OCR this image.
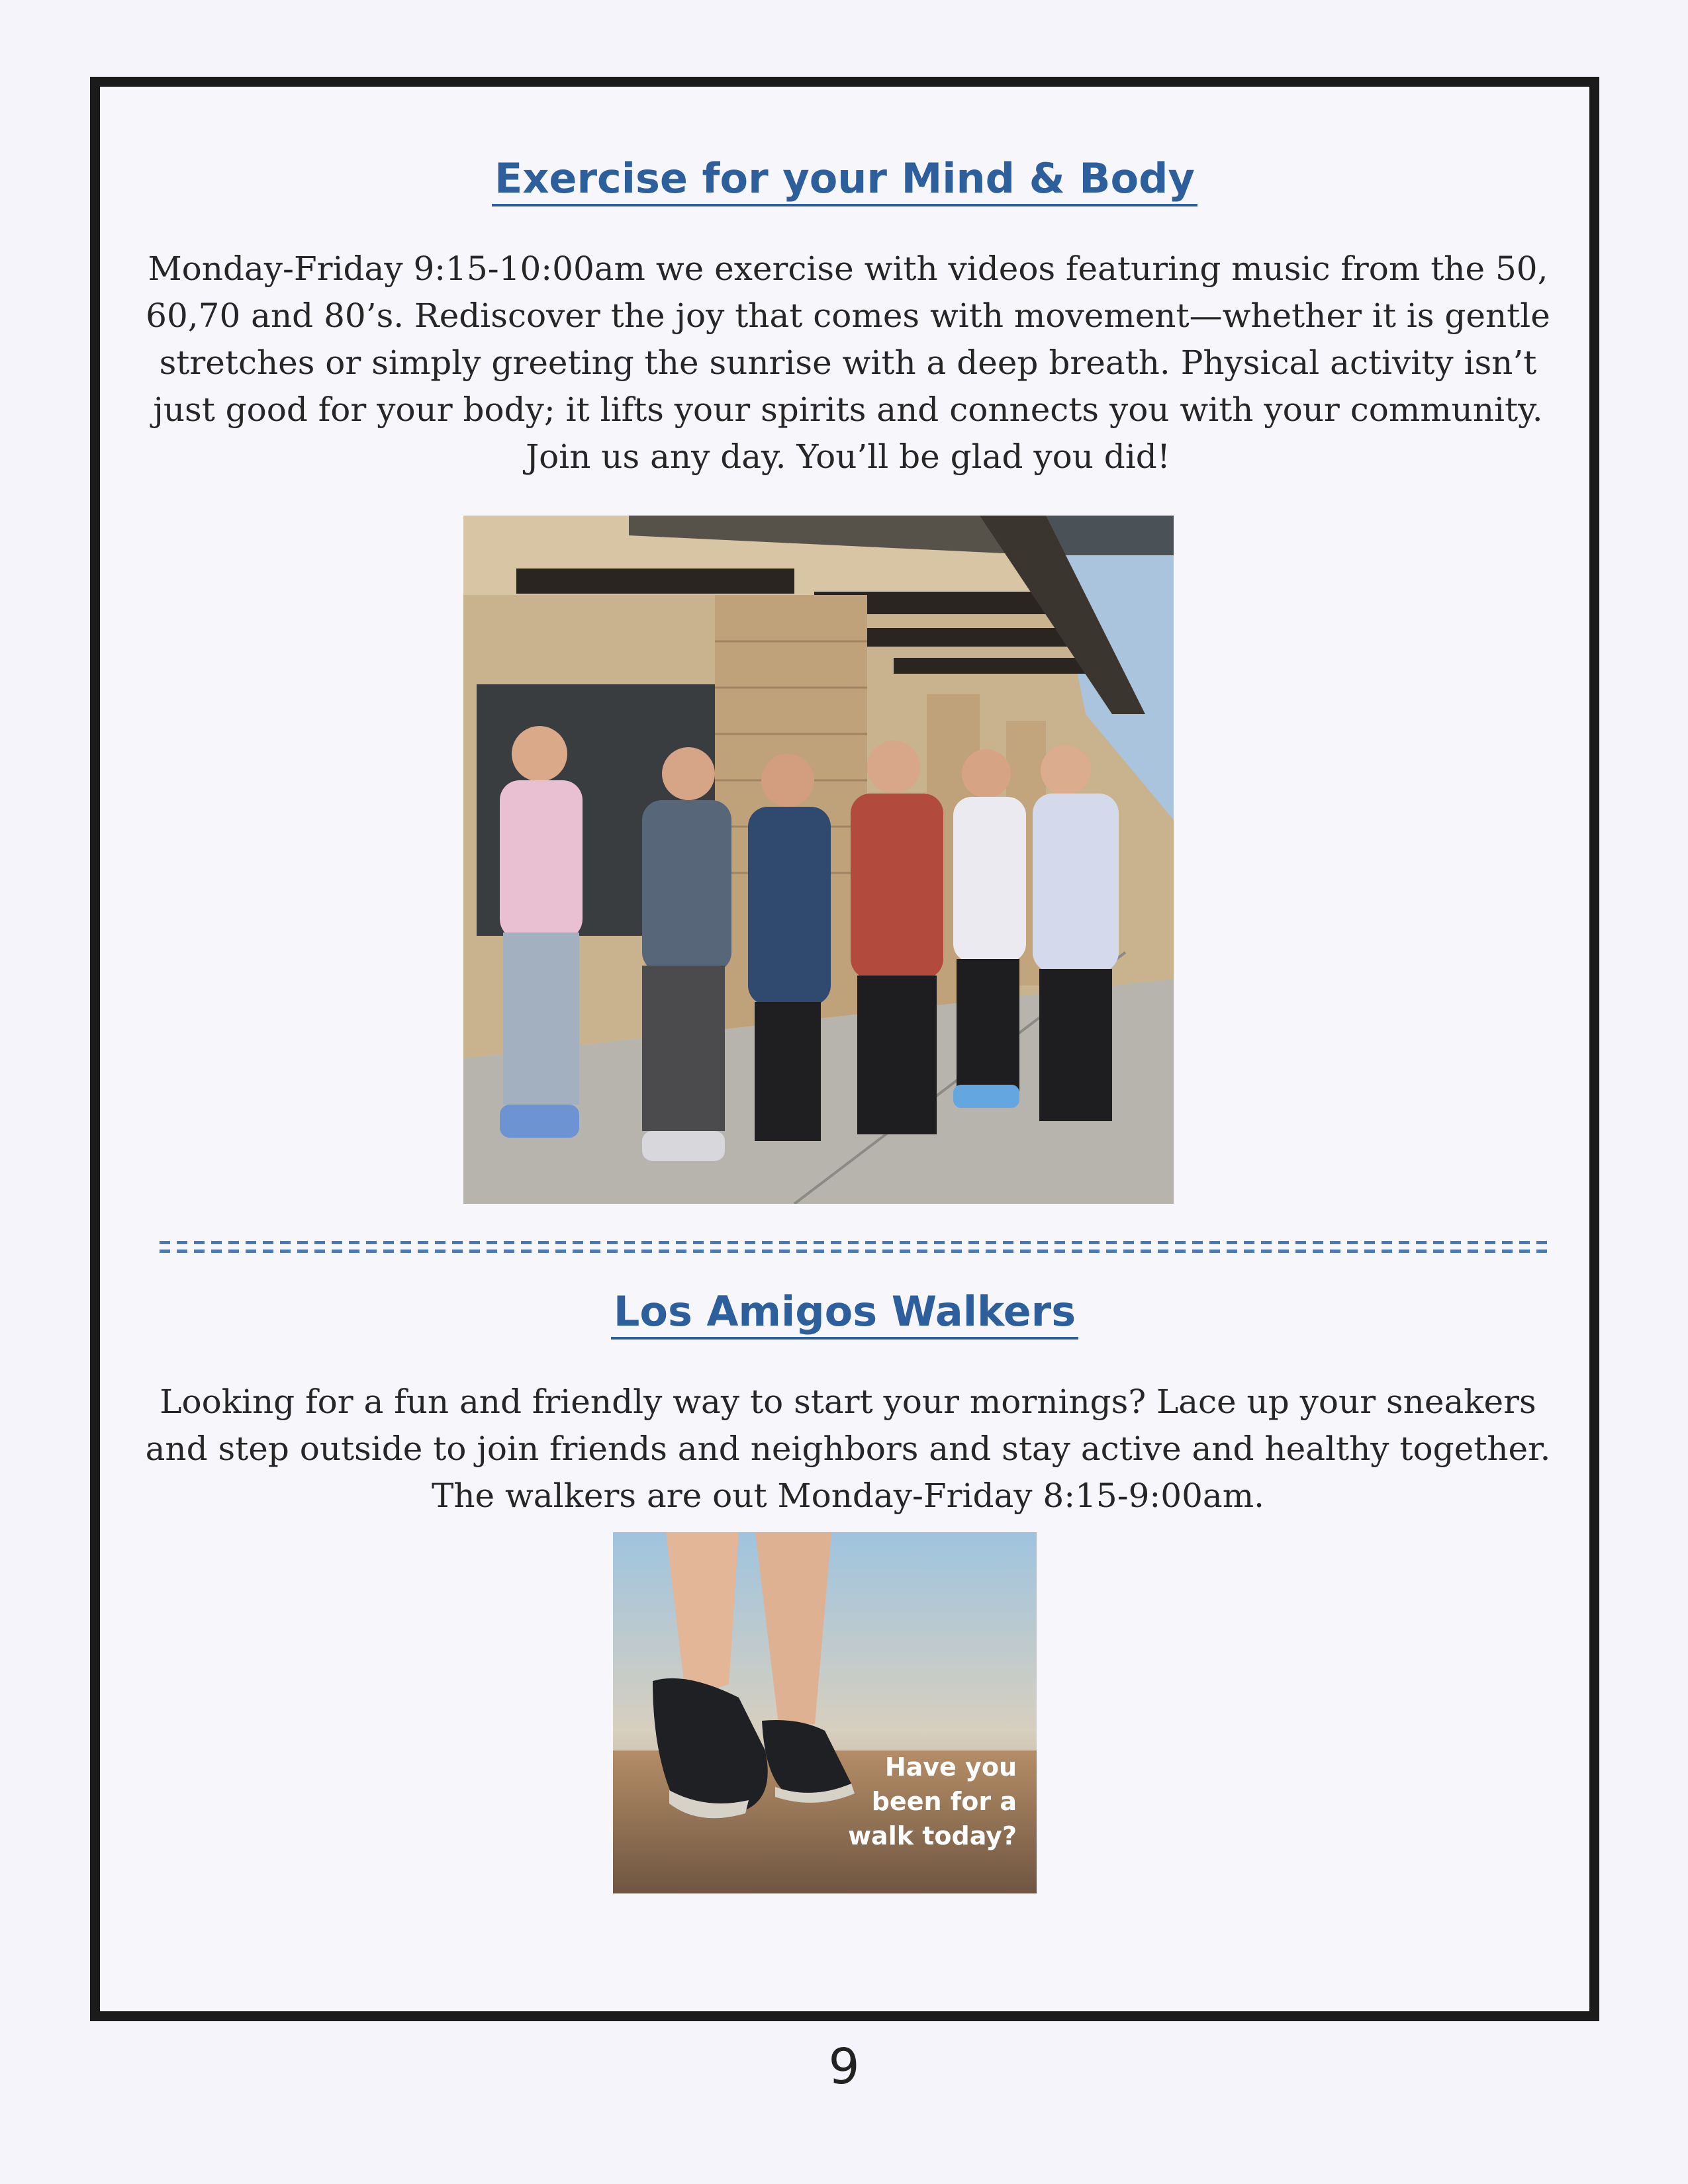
Exercise for your Mind & Body

Monday-Friday 9:15-10:00am we exercise with videos featuring music from the 50, 60,70 and 80’s. Rediscover the joy that comes with movement—whether it is gentle stretches or simply greeting the sunrise with a deep breath. Physical activity isn’t just good for your body; it lifts your spirits and connects you with your community. Join us any day. You’ll be glad you did!

Los Amigos Walkers

Looking for a fun and friendly way to start your mornings? Lace up your sneakers and step outside to join friends and neighbors and stay active and healthy together. The walkers are out Monday-Friday 8:15-9:00am.

Have you
been for a
walk today?
9
